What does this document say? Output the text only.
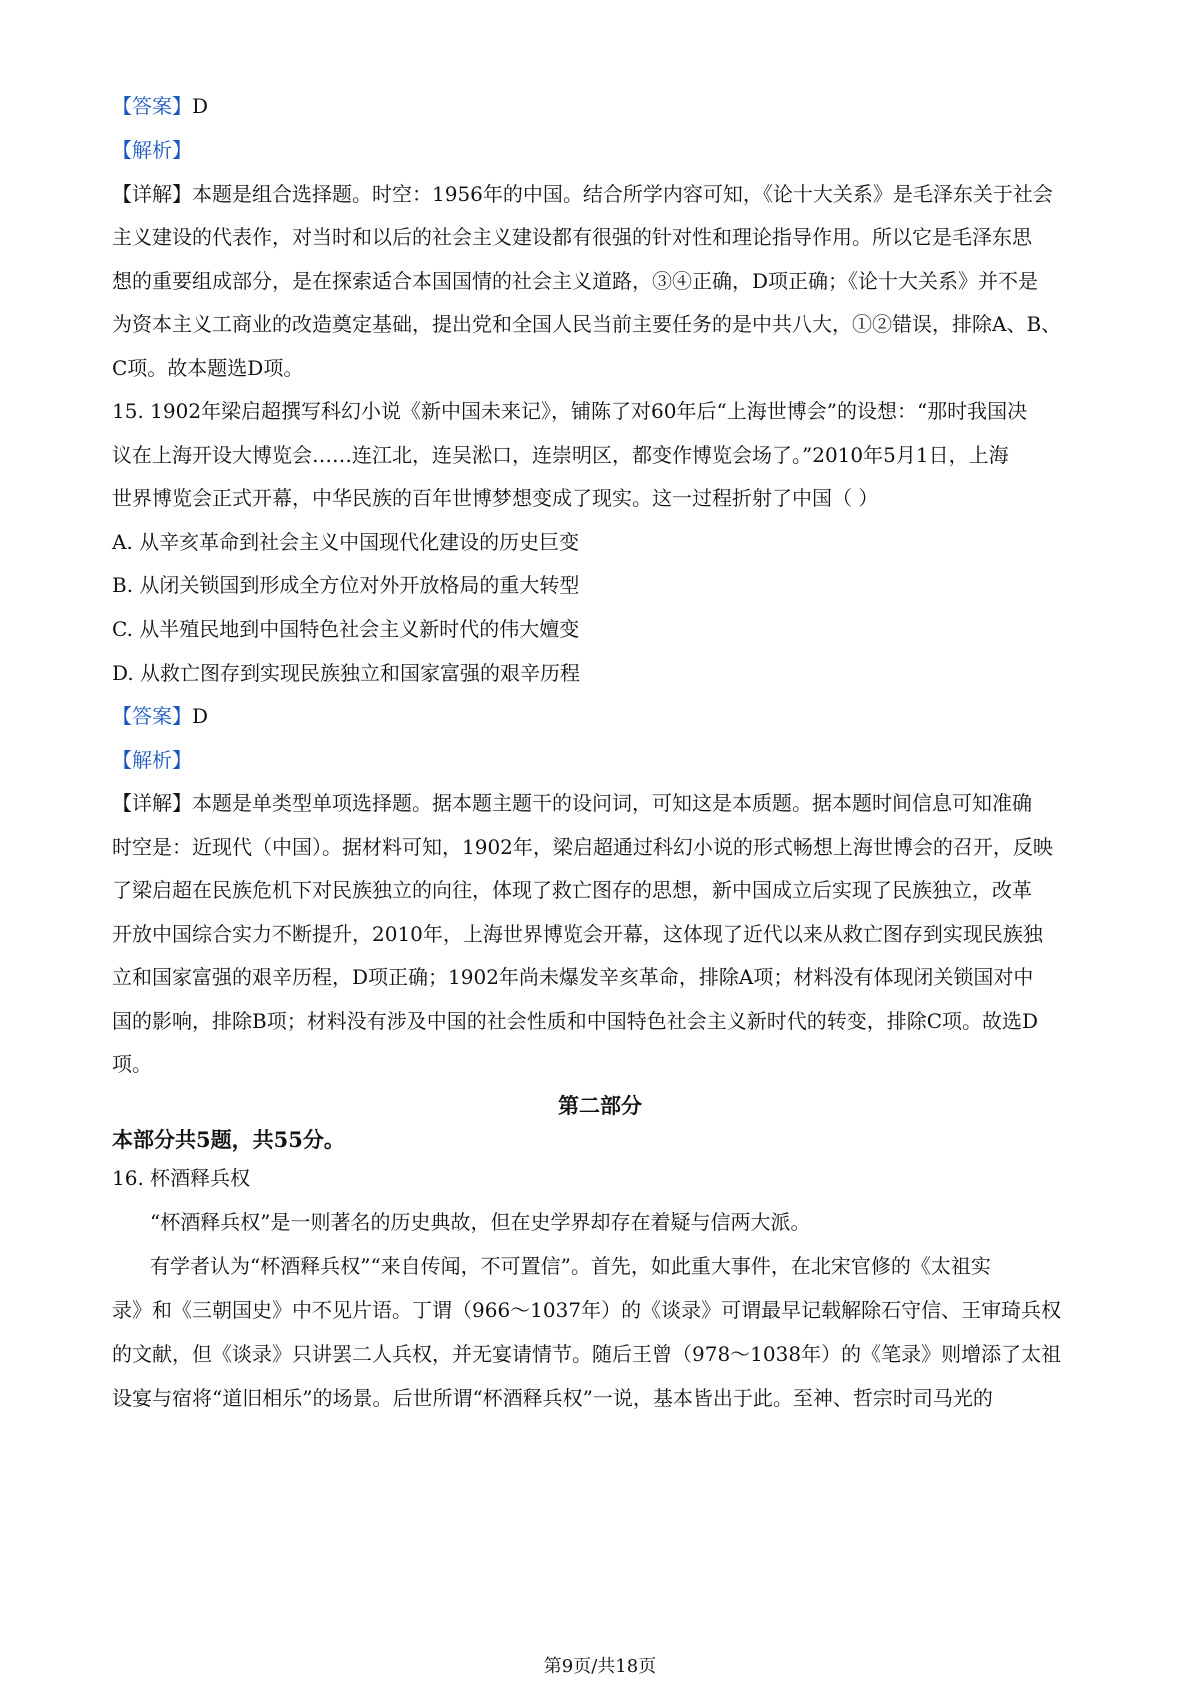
【答案】D
【解析】
【详解】本题是组合选择题。时空：1956年的中国。结合所学内容可知，《论十大关系》是毛泽东关于社会
主义建设的代表作，对当时和以后的社会主义建设都有很强的针对性和理论指导作用。所以它是毛泽东思
想的重要组成部分，是在探索适合本国国情的社会主义道路，③④正确，D项正确；《论十大关系》并不是
为资本主义工商业的改造奠定基础，提出党和全国人民当前主要任务的是中共八大，①②错误，排除A、B、
C项。故本题选D项。
15. 1902年梁启超撰写科幻小说《新中国未来记》，铺陈了对60年后“上海世博会”的设想：“那时我国决
议在上海开设大博览会……连江北，连吴淞口，连崇明区，都变作博览会场了。”2010年5月1日，上海
世界博览会正式开幕，中华民族的百年世博梦想变成了现实。这一过程折射了中国（ ）
A. 从辛亥革命到社会主义中国现代化建设的历史巨变
B. 从闭关锁国到形成全方位对外开放格局的重大转型
C. 从半殖民地到中国特色社会主义新时代的伟大嬗变
D. 从救亡图存到实现民族独立和国家富强的艰辛历程
【答案】D
【解析】
【详解】本题是单类型单项选择题。据本题主题干的设问词，可知这是本质题。据本题时间信息可知准确
时空是：近现代（中国）。据材料可知，1902年，梁启超通过科幻小说的形式畅想上海世博会的召开，反映
了梁启超在民族危机下对民族独立的向往，体现了救亡图存的思想，新中国成立后实现了民族独立，改革
开放中国综合实力不断提升，2010年，上海世界博览会开幕，这体现了近代以来从救亡图存到实现民族独
立和国家富强的艰辛历程，D项正确；1902年尚未爆发辛亥革命，排除A项；材料没有体现闭关锁国对中
国的影响，排除B项；材料没有涉及中国的社会性质和中国特色社会主义新时代的转变，排除C项。故选D
项。
第二部分
本部分共5题，共55分。
16. 杯酒释兵权
“杯酒释兵权”是一则著名的历史典故，但在史学界却存在着疑与信两大派。
有学者认为“杯酒释兵权”“来自传闻，不可置信”。首先，如此重大事件，在北宋官修的《太祖实
录》和《三朝国史》中不见片语。丁谓（966～1037年）的《谈录》可谓最早记载解除石守信、王审琦兵权
的文献，但《谈录》只讲罢二人兵权，并无宴请情节。随后王曾（978～1038年）的《笔录》则增添了太祖
设宴与宿将“道旧相乐”的场景。后世所谓“杯酒释兵权”一说，基本皆出于此。至神、哲宗时司马光的
第9页/共18页
